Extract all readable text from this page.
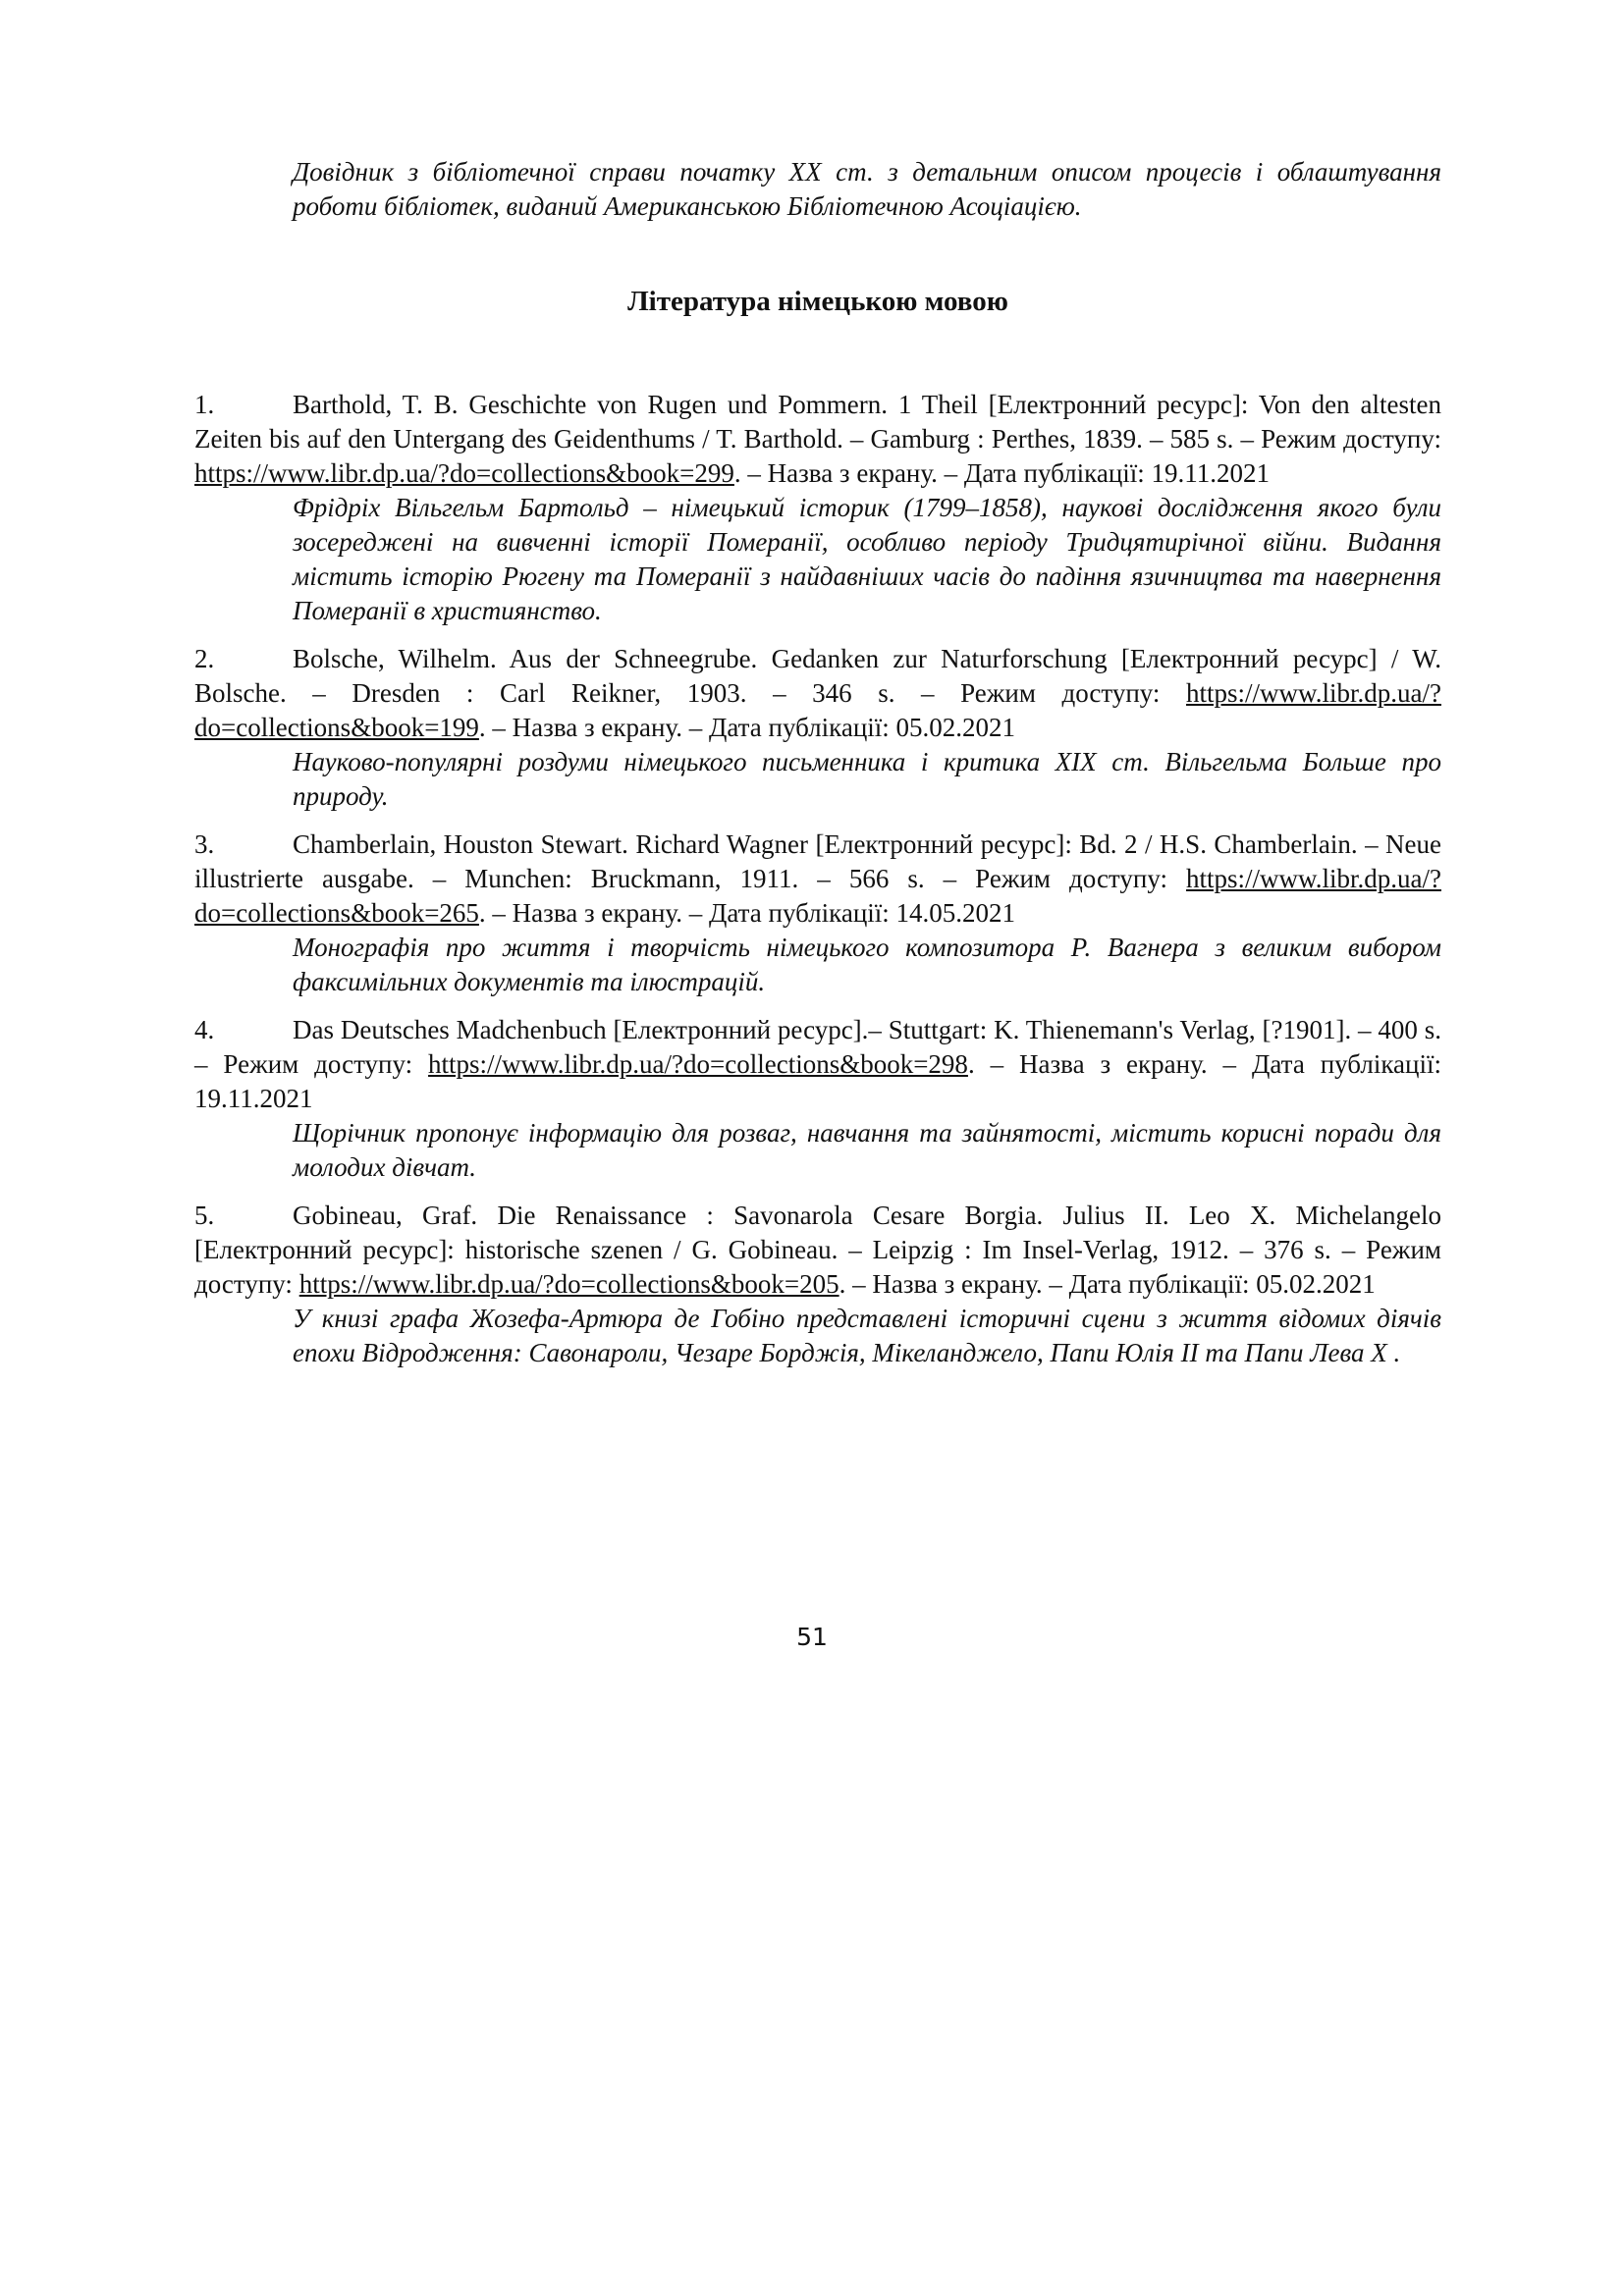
Довідник з бібліотечної справи початку XX ст. з детальним описом процесів і облаштування роботи бібліотек, виданий Американською Бібліотечною Асоціацією.
Література німецькою мовою
1.	Barthold, T. B. Geschichte von Rugen und Pommern. 1 Theil [Електронний ресурс]: Von den altesten Zeiten bis auf den Untergang des Geidenthums / T. Barthold. – Gamburg : Perthes, 1839. – 585 s. – Режим доступу: https://www.libr.dp.ua/?do=collections&book=299. – Назва з екрану. – Дата публікації: 19.11.2021
Фрідріх Вільгельм Бартольд – німецький історик (1799–1858), наукові дослідження якого були зосереджені на вивченні історії Померанії, особливо періоду Тридцятирічної війни. Видання містить історію Рюгену та Померанії з найдавніших часів до падіння язичництва та навернення Померанії в християнство.
2.	Bolsche, Wilhelm. Aus der Schneegrube. Gedanken zur Naturforschung [Електронний ресурс] / W. Bolsche. – Dresden : Carl Reikner, 1903. – 346 s. – Режим доступу: https://www.libr.dp.ua/?do=collections&book=199. – Назва з екрану. – Дата публікації: 05.02.2021
Науково-популярні роздуми німецького письменника і критика XIX ст. Вільгельма Больше про природу.
3.	Chamberlain, Houston Stewart. Richard Wagner [Електронний ресурс]: Bd. 2 / H.S. Chamberlain. – Neue illustrierte ausgabe. – Munchen: Bruckmann, 1911. – 566 s. – Режим доступу: https://www.libr.dp.ua/?do=collections&book=265. – Назва з екрану. – Дата публікації: 14.05.2021
Монографія про життя і творчість німецького композитора Р. Вагнера з великим вибором факсимільних документів та ілюстрацій.
4.	Das Deutsches Madchenbuch [Електронний ресурс].– Stuttgart: K. Thienemann's Verlag, [?1901]. – 400 s. – Режим доступу: https://www.libr.dp.ua/?do=collections&book=298. – Назва з екрану. – Дата публікації: 19.11.2021
Щорічник пропонує інформацію для розваг, навчання та зайнятості, містить корисні поради для молодих дівчат.
5.	Gobineau, Graf. Die Renaissance : Savonarola Cesare Borgia. Julius II. Leo X. Michelangelo [Електронний ресурс]: historische szenen / G. Gobineau. – Leipzig : Im Insel-Verlag, 1912. – 376 s. – Режим доступу: https://www.libr.dp.ua/?do=collections&book=205. – Назва з екрану. – Дата публікації: 05.02.2021
У книзі графа Жозефа-Артюра де Гобіно представлені історичні сцени з життя відомих діячів епохи Відродження: Савонароли, Чезаре Борджія, Мікеланджело, Папи Юлія II та Папи Лева X .
51
